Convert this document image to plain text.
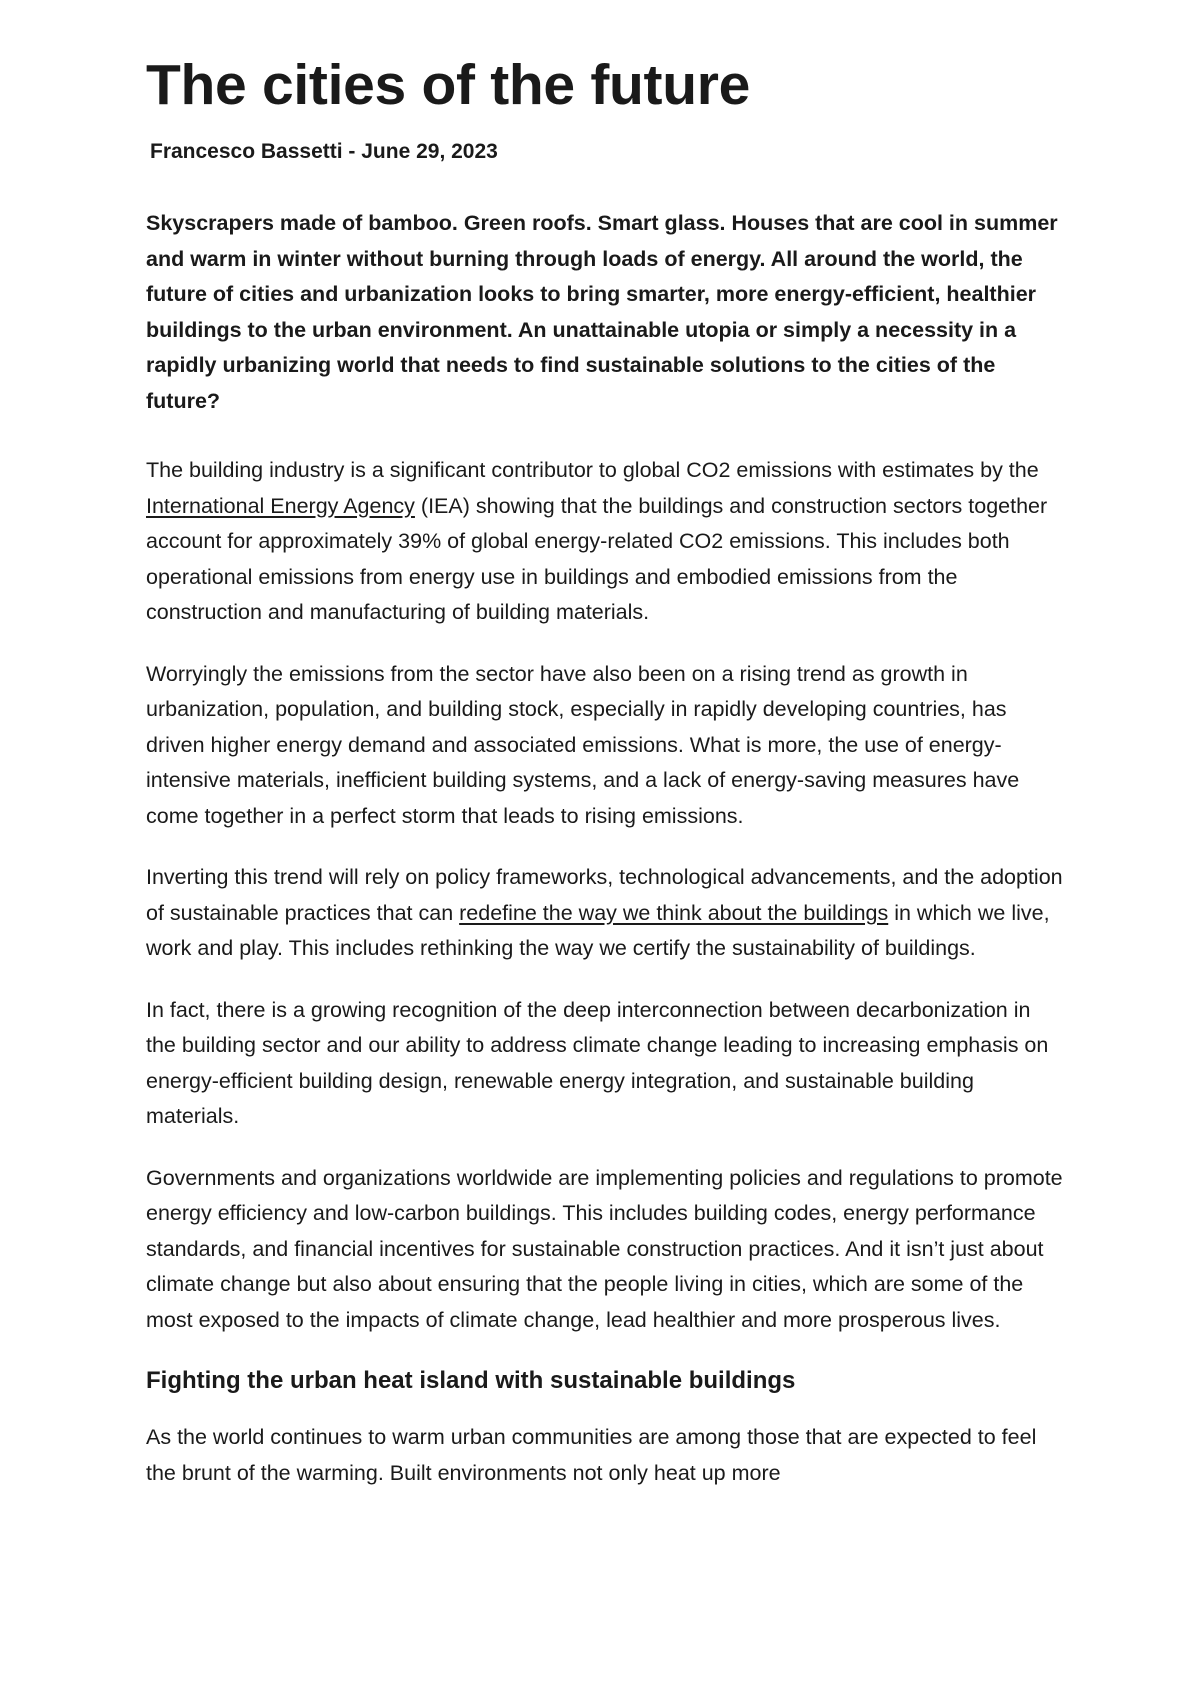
The cities of the future
Francesco Bassetti - June 29, 2023

Skyscrapers made of bamboo. Green roofs. Smart glass. Houses that are cool in summer and warm in winter without burning through loads of energy. All around the world, the future of cities and urbanization looks to bring smarter, more energy-efficient, healthier buildings to the urban environment. An unattainable utopia or simply a necessity in a rapidly urbanizing world that needs to find sustainable solutions to the cities of the future?

The building industry is a significant contributor to global CO2 emissions with estimates by the International Energy Agency (IEA) showing that the buildings and construction sectors together account for approximately 39% of global energy-related CO2 emissions. This includes both operational emissions from energy use in buildings and embodied emissions from the construction and manufacturing of building materials.

Worryingly the emissions from the sector have also been on a rising trend as growth in urbanization, population, and building stock, especially in rapidly developing countries, has driven higher energy demand and associated emissions. What is more, the use of energy-intensive materials, inefficient building systems, and a lack of energy-saving measures have come together in a perfect storm that leads to rising emissions.

Inverting this trend will rely on policy frameworks, technological advancements, and the adoption of sustainable practices that can redefine the way we think about the buildings in which we live, work and play. This includes rethinking the way we certify the sustainability of buildings.

In fact, there is a growing recognition of the deep interconnection between decarbonization in the building sector and our ability to address climate change leading to increasing emphasis on energy-efficient building design, renewable energy integration, and sustainable building materials.

Governments and organizations worldwide are implementing policies and regulations to promote energy efficiency and low-carbon buildings. This includes building codes, energy performance standards, and financial incentives for sustainable construction practices. And it isn’t just about climate change but also about ensuring that the people living in cities, which are some of the most exposed to the impacts of climate change, lead healthier and more prosperous lives.

Fighting the urban heat island with sustainable buildings

As the world continues to warm urban communities are among those that are expected to feel the brunt of the warming. Built environments not only heat up more
